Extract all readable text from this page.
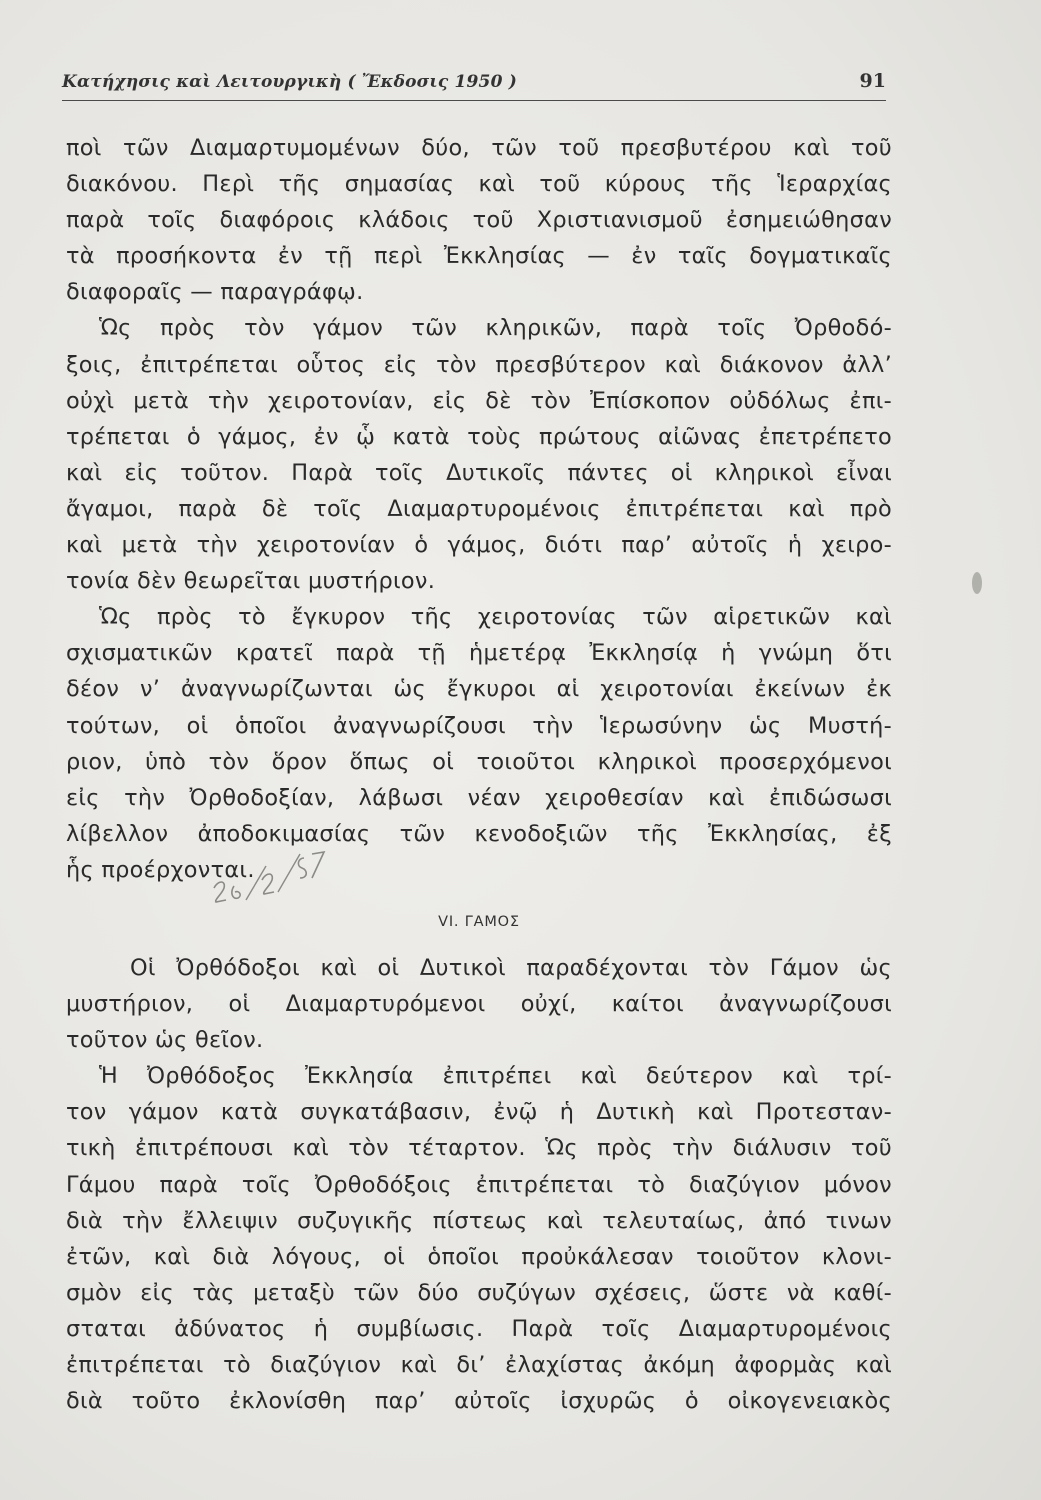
Κατήχησις καὶ Λειτουργικὴ ( Ἔκδοσις 1950 )	91
ποὶ τῶν Διαμαρτυμομένων δύο, τῶν τοῦ πρεσβυτέρου καὶ τοῦ
διακόνου. Περὶ τῆς σημασίας καὶ τοῦ κύρους τῆς Ἱεραρχίας
παρὰ τοῖς διαφόροις κλάδοις τοῦ Χριστιανισμοῦ ἐσημειώθησαν
τὰ προσήκοντα ἐν τῇ περὶ Ἐκκλησίας — ἐν ταῖς δογματικαῖς
διαφοραῖς — παραγράφῳ.
Ὡς πρὸς τὸν γάμον τῶν κληρικῶν, παρὰ τοῖς Ὀρθοδό-
ξοις, ἐπιτρέπεται οὗτος εἰς τὸν πρεσβύτερον καὶ διάκονον ἀλλ’
οὐχὶ μετὰ τὴν χειροτονίαν, εἰς δὲ τὸν Ἐπίσκοπον οὐδόλως ἐπι-
τρέπεται ὁ γάμος, ἐν ᾧ κατὰ τοὺς πρώτους αἰῶνας ἐπετρέπετο
καὶ εἰς τοῦτον. Παρὰ τοῖς Δυτικοῖς πάντες οἱ κληρικοὶ εἶναι
ἄγαμοι, παρὰ δὲ τοῖς Διαμαρτυρομένοις ἐπιτρέπεται καὶ πρὸ
καὶ μετὰ τὴν χειροτονίαν ὁ γάμος, διότι παρ’ αὐτοῖς ἡ χειρο-
τονία δὲν θεωρεῖται μυστήριον.
Ὡς πρὸς τὸ ἔγκυρον τῆς χειροτονίας τῶν αἱρετικῶν καὶ
σχισματικῶν κρατεῖ παρὰ τῇ ἡμετέρᾳ Ἐκκλησίᾳ ἡ γνώμη ὅτι
δέον ν’ ἀναγνωρίζωνται ὡς ἔγκυροι αἱ χειροτονίαι ἐκείνων ἐκ
τούτων, οἱ ὁποῖοι ἀναγνωρίζουσι τὴν Ἱερωσύνην ὡς Μυστή-
ριον, ὑπὸ τὸν ὅρον ὅπως οἱ τοιοῦτοι κληρικοὶ προσερχόμενοι
εἰς τὴν Ὀρθοδοξίαν, λάβωσι νέαν χειροθεσίαν καὶ ἐπιδώσωσι
λίβελλον ἀποδοκιμασίας τῶν κενοδοξιῶν τῆς Ἐκκλησίας, ἐξ
ἧς προέρχονται.
VI. ΓΑΜΟΣ
Οἱ Ὀρθόδοξοι καὶ οἱ Δυτικοὶ παραδέχονται τὸν Γάμον ὡς
μυστήριον, οἱ Διαμαρτυρόμενοι οὐχί, καίτοι ἀναγνωρίζουσι
τοῦτον ὡς θεῖον.
Ἡ Ὀρθόδοξος Ἐκκλησία ἐπιτρέπει καὶ δεύτερον καὶ τρί-
τον γάμον κατὰ συγκατάβασιν, ἐνῷ ἡ Δυτικὴ καὶ Προτεσταν-
τικὴ ἐπιτρέπουσι καὶ τὸν τέταρτον. Ὡς πρὸς τὴν διάλυσιν τοῦ
Γάμου παρὰ τοῖς Ὀρθοδόξοις ἐπιτρέπεται τὸ διαζύγιον μόνον
διὰ τὴν ἔλλειψιν συζυγικῆς πίστεως καὶ τελευταίως, ἀπό τινων
ἐτῶν, καὶ διὰ λόγους, οἱ ὁποῖοι προὐκάλεσαν τοιοῦτον κλονι-
σμὸν εἰς τὰς μεταξὺ τῶν δύο συζύγων σχέσεις, ὥστε νὰ καθί-
σταται ἀδύνατος ἡ συμβίωσις. Παρὰ τοῖς Διαμαρτυρομένοις
ἐπιτρέπεται τὸ διαζύγιον καὶ δι’ ἐλαχίστας ἀκόμη ἀφορμὰς καὶ
διὰ τοῦτο ἐκλονίσθη παρ’ αὐτοῖς ἰσχυρῶς ὁ οἰκογενειακὸς
